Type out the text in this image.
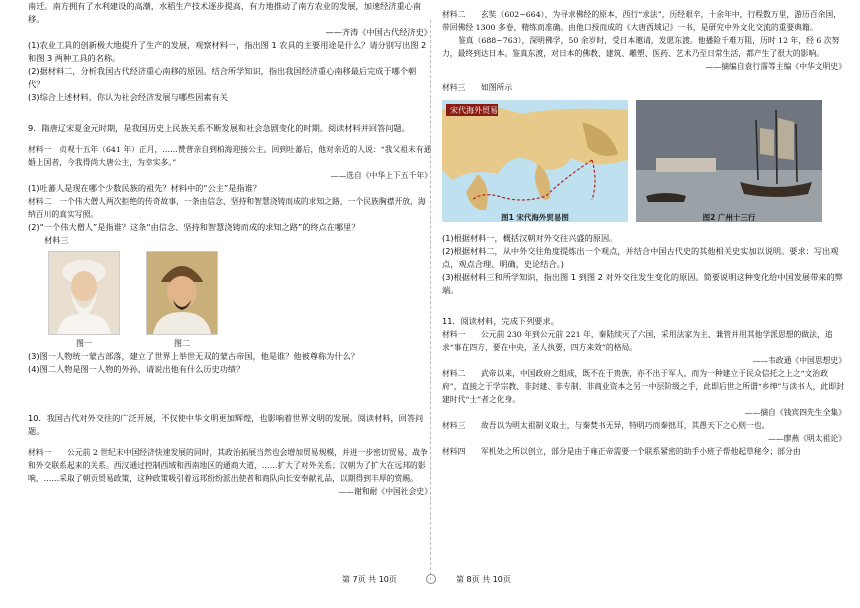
南迁。南方拥有了水利建设的高潮，水稻生产技术逐步提高，有力地推动了南方农业的发展，加速经济重心南移。

——齐涛《中国古代经济史》

(1)农业工具的创新极大地提升了生产的发展，观察材料一，指出图 1 农具的主要用途是什么？请分别写出图 2 和图 3 两种工具的名称。

(2)据材料二，分析我国古代经济重心南移的原因。结合所学知识，指出我国经济重心南移最后完成于哪个朝代？

(3)综合上述材料，你认为社会经济发展与哪些因素有关

9．隋唐辽宋夏金元时期，是我国历史上民族关系不断发展和社会急剧变化的时期。阅读材料并回答问题。

材料一　贞观十五年（641 年）正月，……赞普亲自到柏海迎接公主。回到吐蕃后，他对亲近的人说：“我父祖未有通婚上国者，今我得尚大唐公主，为幸实多。”

——选自《中华上下五千年》

(1)吐蕃人是现在哪个少数民族的祖先？材料中的“公主”是指谁？

材料二　一个伟大僧人两次拒绝的传奇故事，一条由信念、坚持和智慧浇铸而成的求知之路，一个民族胸襟开放，海纳百川的真实写照。

(2)“一个伟大僧人”是指谁？这条“由信念、坚持和智慧浇铸而成的求知之路”的终点在哪里？

材料三

图一	图二

(3)图一人物统一蒙古部落，建立了世界上举世无双的蒙古帝国，他是谁？他被尊称为什么？

(4)图二人物是图一人物的外孙，请说出他有什么历史功绩？

10．我国古代对外交往的广泛开展，不仅使中华文明更加辉煌，也影响着世界文明的发展。阅读材料，回答问题。

材料一　　公元前 2 世纪末中国经济快速发展的同时，其政治拓展当然也会增加贸易规模，并进一步密切贸易、战争和外交联系起来的关系。西汉通过控制西域和西南地区的通商大道，……扩大了对外关系；汉朝为了扩大在远邦的影响，……采取了朝贡贸易政策，这种政策吸引着远邦纷纷派出使者和商队向长安奉献礼品，以期得到丰厚的赏赐。

——谢和耐《中国社会史》

材料二　　玄奘（602~664），为寻求佛经的原本，西行“求法”，历经艰辛，十余年中，行程数万里，游历百余国，带回佛经 1300 多卷，精练而准确。由他口授而成的《大唐西域记》一书，是研究中外文化交流的重要典籍。

鉴真（688~763），深明佛学，50 余岁时，受日本邀请，发愿东渡。他播险千难万阻，历时 12 年，经 6 次努力，最终到达日本。鉴真东渡，对日本的佛教、建筑、雕塑、医药、艺术乃至日常生活，都产生了很大的影响。

——摘编自袁行霈等主编《中华文明史》

材料三　　如图所示

宋代海外贸易
图1 宋代海外贸易图	图2 广州十三行

(1)根据材料一，概括汉朝对外交往兴盛的原因。

(2)根据材料二，从中外交往角度提炼出一个观点，并结合中国古代史的其他相关史实加以说明。要求：写出观点，观点合理、明确，史论结合。)

(3)根据材料三和所学知识，指出图 1 到图 2 对外交往发生变化的原因。简要说明这种变化给中国发展带来的弊端。

11．阅读材料，完成下列要求。

材料一　　公元前 230 年到公元前 221 年，秦陆续灭了六国，采用法家为主、兼管并用其他学派思想的做法，追求“事在四方，要在中央，圣人执要，四方来效”的格局。

——韦政通《中国思想史》

材料二　　武帝以来，中国政府之组成，既不在于贵族，亦不出于军人，而为一种建立于民众信托之上之“文治政府”，直接之于学宗教、非封建、非专制、非商业资本之另一中层阶级之手，此即后世之所谓“乡绅”与读书人，此即封建时代“士”者之化身。

——摘自《钱宾四先生全集》

材料三　　故吾以为明太祖制义取士，与秦焚书无异，特明巧而秦拙耳，其愚天下之心则一也。

——廖燕《明太祖论》

材料四　　军机处之所以创立，部分是由于雍正帝需要一个联系紧密的助手小班子帮他起草秘令；部分由

第 7页 共 10页	第 8页 共 10页
